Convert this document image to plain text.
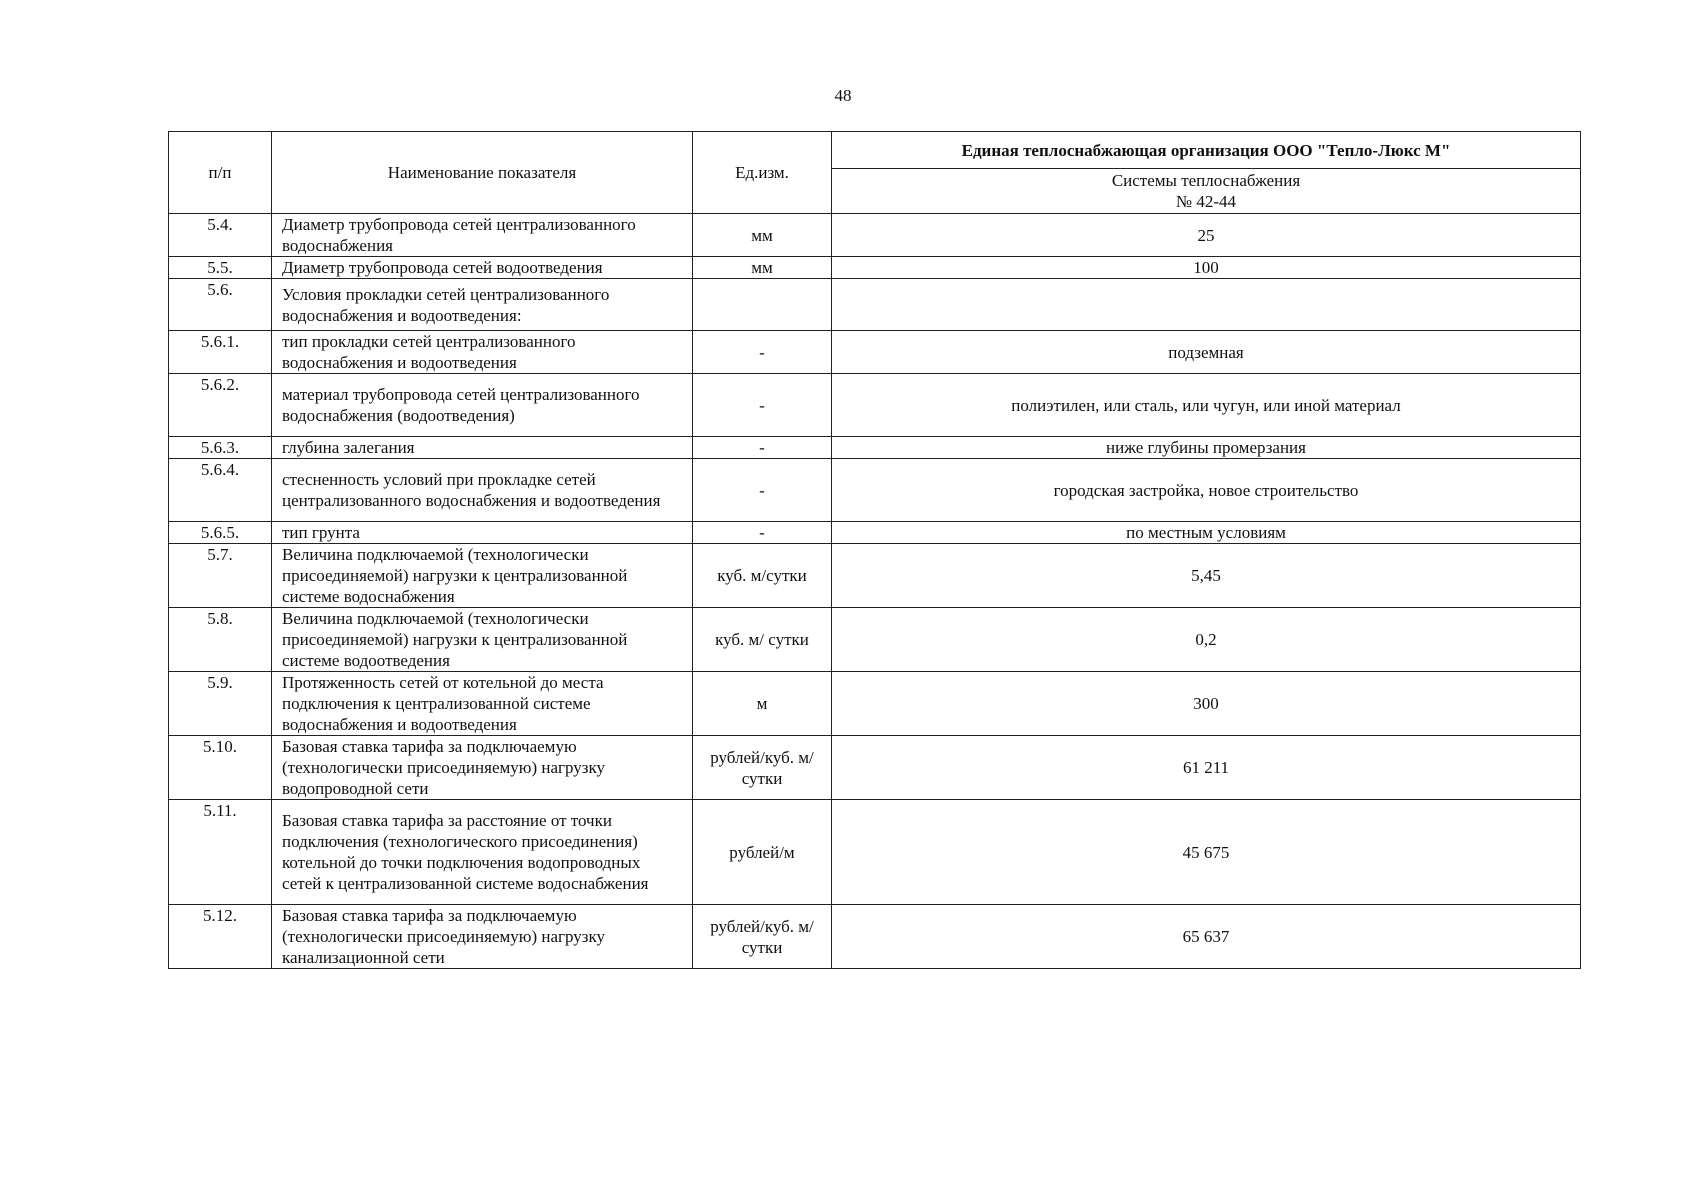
48
п/п	Наименование показателя	Ед.изм.	Единая теплоснабжающая организация ООО "Тепло-Люкс М"

			Системы теплоснабжения
№ 42-44

5.4.	Диаметр трубопровода сетей централизованного водоснабжения	мм	25
5.5.	Диаметр трубопровода сетей водоотведения	мм	100
5.6.	Условия прокладки сетей централизованного водоснабжения и водоотведения:		
5.6.1.	тип прокладки сетей централизованного водоснабжения и водоотведения	-	подземная
5.6.2.	материал трубопровода сетей централизованного водоснабжения (водоотведения)	-	полиэтилен, или сталь, или чугун, или иной материал
5.6.3.	глубина залегания	-	ниже глубины промерзания
5.6.4.	стесненность условий при прокладке сетей централизованного водоснабжения и водоотведения	-	городская застройка, новое строительство
5.6.5.	тип грунта	-	по местным условиям
5.7.	Величина подключаемой (технологически присоединяемой) нагрузки к централизованной системе водоснабжения	куб. м/сутки	5,45
5.8.	Величина подключаемой (технологически присоединяемой) нагрузки к централизованной системе водоотведения	куб. м/ сутки	0,2
5.9.	Протяженность сетей от котельной до места подключения к централизованной системе водоснабжения и водоотведения	м	300
5.10.	Базовая ставка тарифа за подключаемую (технологически присоединяемую) нагрузку водопроводной сети	рублей/куб. м/сутки	61 211
5.11.	Базовая ставка тарифа за расстояние от точки подключения (технологического присоединения) котельной до точки подключения водопроводных сетей к централизованной системе водоснабжения	рублей/м	45 675
5.12.	Базовая ставка тарифа за подключаемую (технологически присоединяемую) нагрузку канализационной сети	рублей/куб. м/сутки	65 637
